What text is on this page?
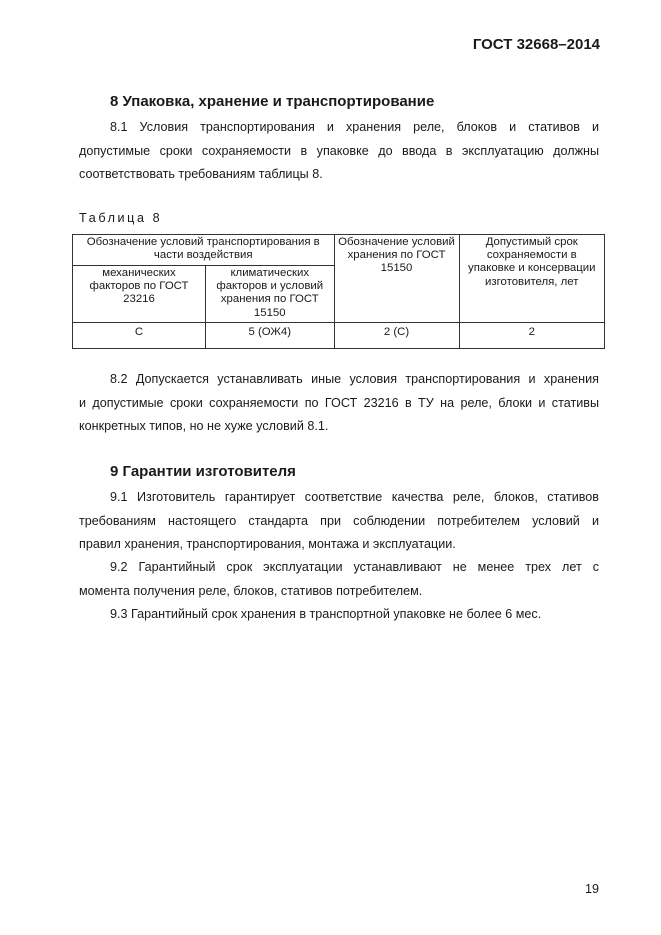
ГОСТ 32668–2014
8 Упаковка, хранение и транспортирование
8.1 Условия транспортирования и хранения реле, блоков и стативов и
допустимые сроки сохраняемости в упаковке до ввода в эксплуатацию должны
соответствовать требованиям таблицы 8.
Таблица 8
Обозначение условий транспортирования в части воздействия		Обозначение условий хранения по ГОСТ 15150	Допустимый срок сохраняемости в упаковке и консервации изготовителя, лет
механических факторов по ГОСТ 23216	климатических факторов и условий хранения по ГОСТ 15150		
С	5 (ОЖ4)	2 (С)	2
8.2 Допускается устанавливать иные условия транспортирования и хранения
и допустимые сроки сохраняемости по ГОСТ 23216 в ТУ на реле, блоки и стативы
конкретных типов, но не хуже условий 8.1.
9 Гарантии изготовителя
9.1 Изготовитель гарантирует соответствие качества реле, блоков, стативов
требованиям настоящего стандарта при соблюдении потребителем условий и
правил хранения, транспортирования, монтажа и эксплуатации.
9.2 Гарантийный срок эксплуатации устанавливают не менее трех лет с
момента получения реле, блоков, стативов потребителем.
9.3 Гарантийный срок хранения в транспортной упаковке не более 6 мес.
19
